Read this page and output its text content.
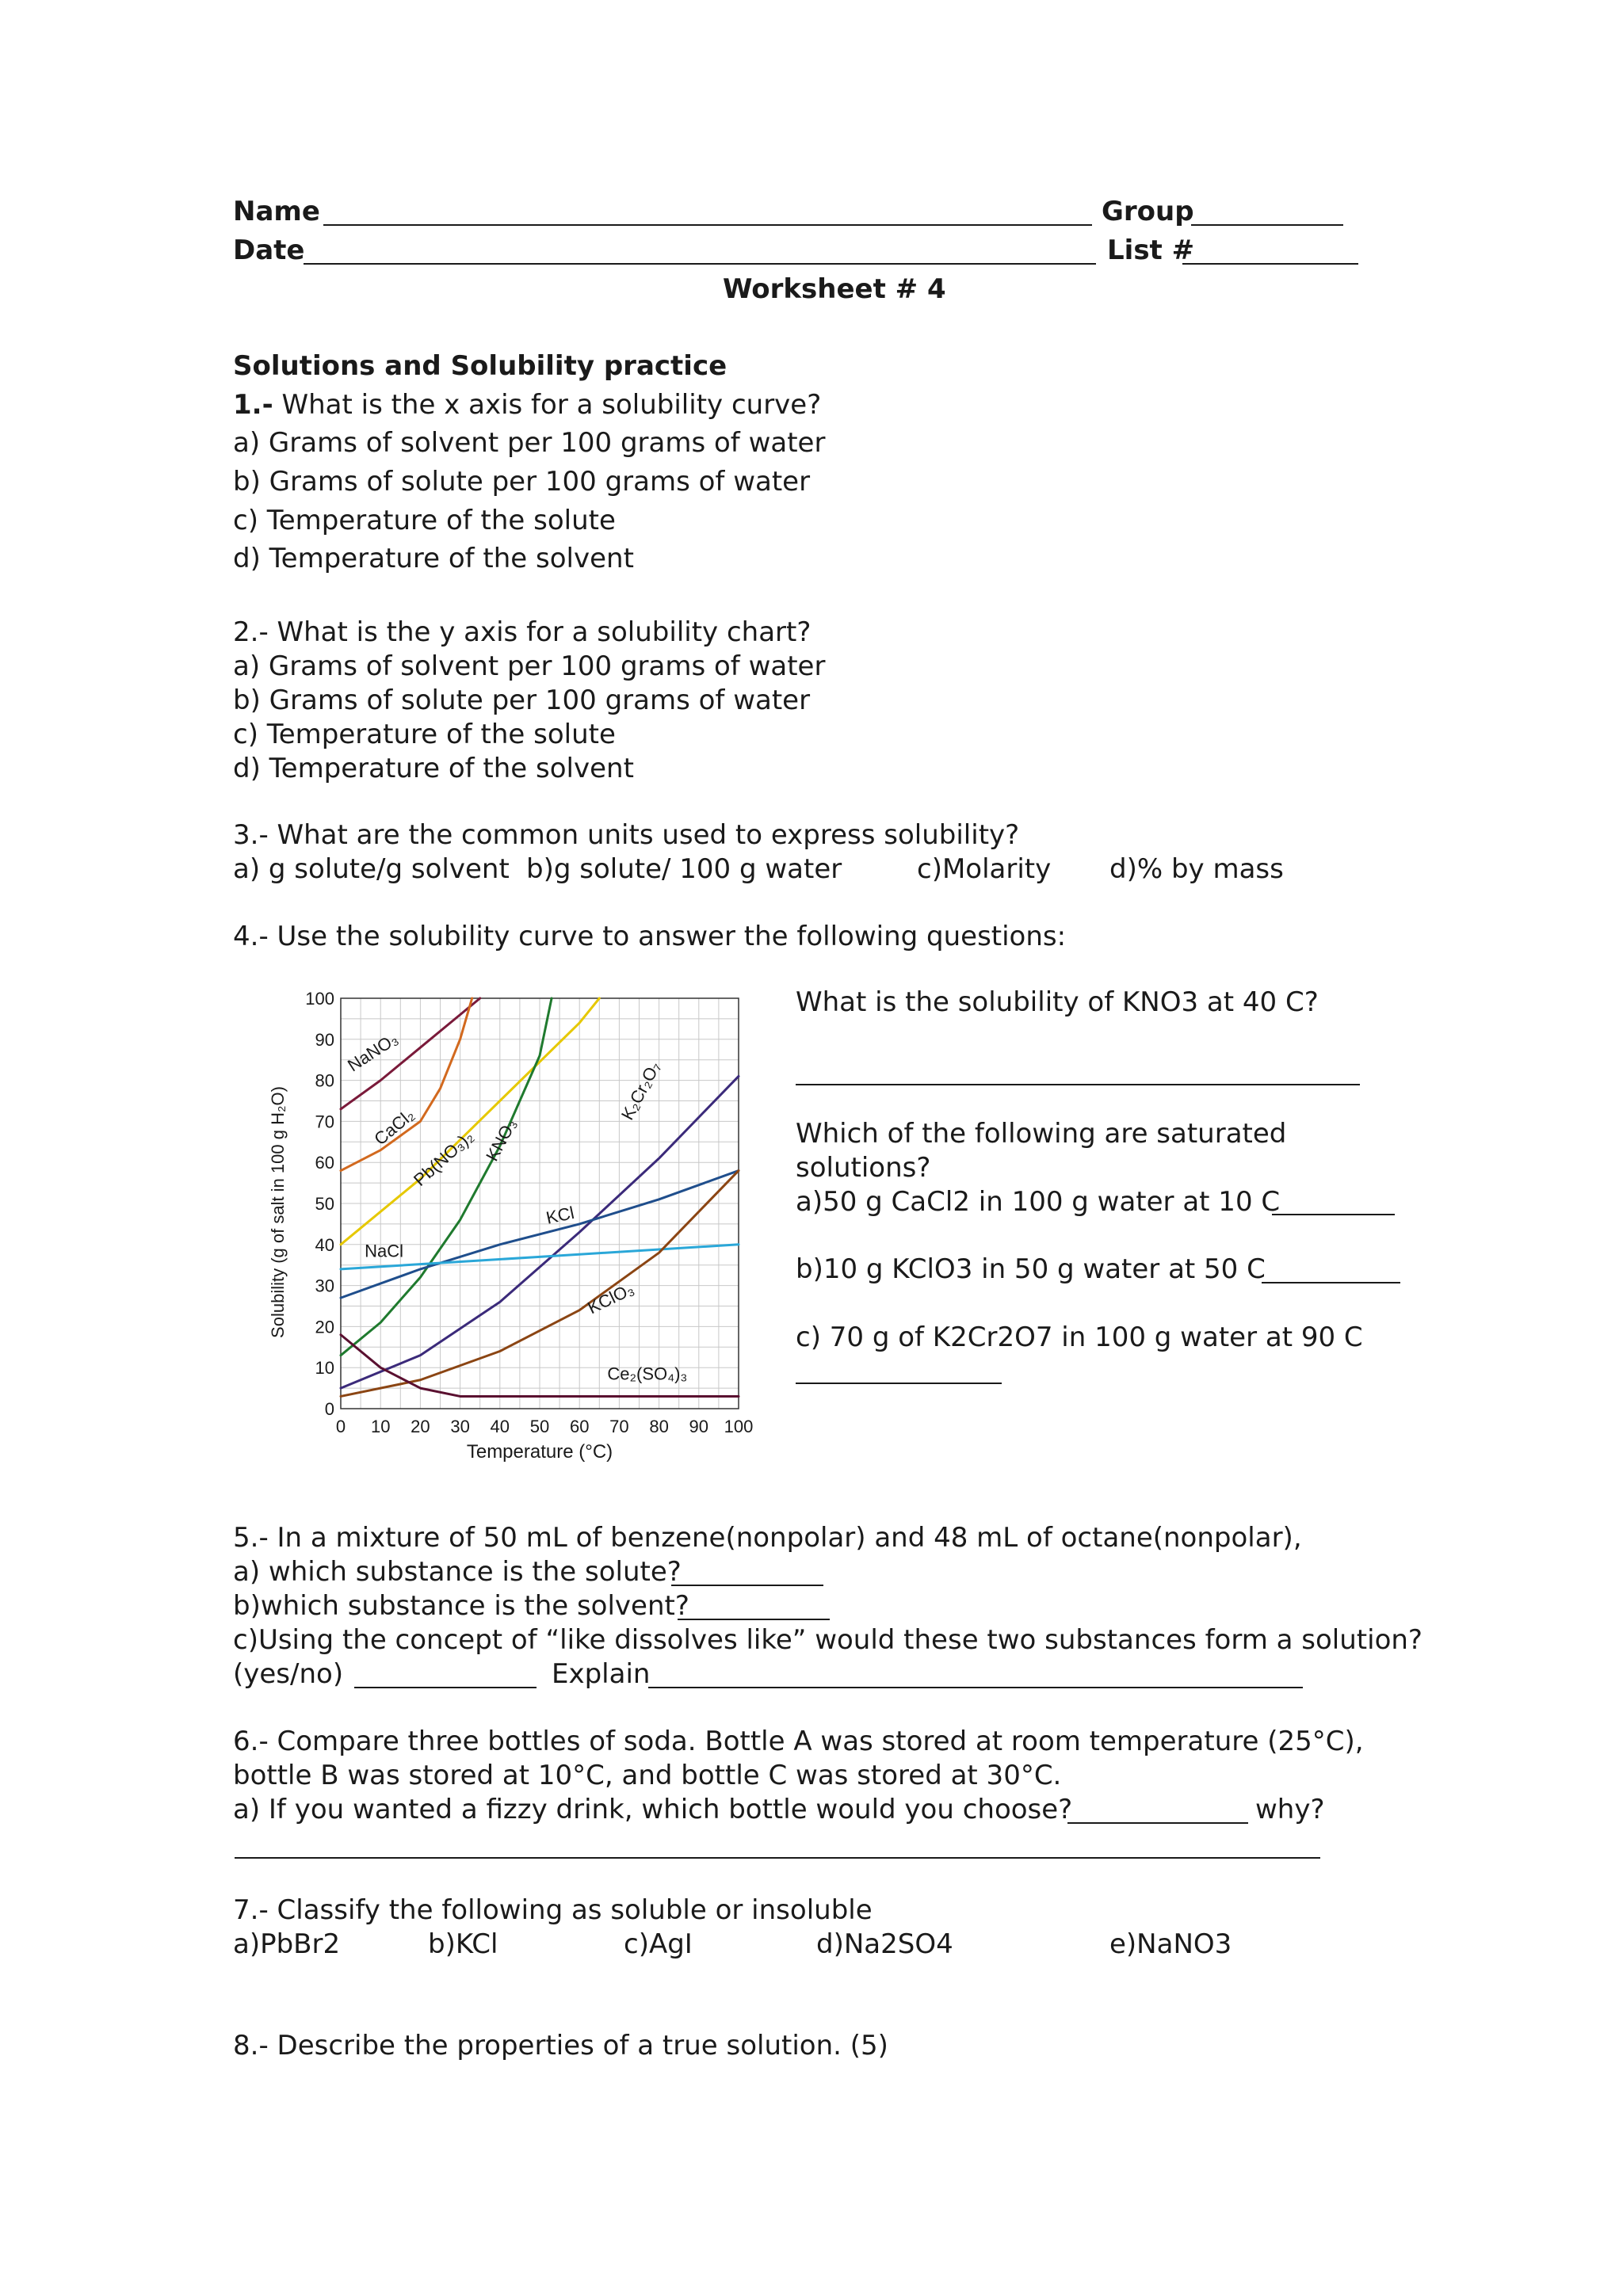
Name	Group
Date	List #
Worksheet # 4
Solutions and Solubility practice
1.- What is the x axis for a solubility curve?
a) Grams of solvent per 100 grams of water
b) Grams of solute per 100 grams of water
c) Temperature of the solute
d) Temperature of the solvent
2.- What is the y axis for a solubility chart?
a) Grams of solvent per 100 grams of water
b) Grams of solute per 100 grams of water
c) Temperature of the solute
d) Temperature of the solvent
3.- What are the common units used to express solubility?
a) g solute/g solvent b)g solute/ 100 g water	c)Molarity d)% by mass
4.- Use the solubility curve to answer the following questions:
0 10 20 30 40 50 60 70 80 90 100
0
10
20
30
40
50
60
70
80
90
100
NaNO₃
CaCl₂
Pb(NO₃)₂ KNO₃
K₂Cr₂O₇
KCl
NaCl
KClO₃
Ce₂(SO₄)₃
Temperature (°C)
Solubility (g of salt in 100 g H₂O)
What is the solubility of KNO3 at 40 C?
Which of the following are saturated
solutions?
a)50 g CaCl2 in 100 g water at 10 C
b)10 g KClO3 in 50 g water at 50 C
c) 70 g of K2Cr2O7 in 100 g water at 90 C
5.- In a mixture of 50 mL of benzene(nonpolar) and 48 mL of octane(nonpolar),
a) which substance is the solute?
b)which substance is the solvent?
c)Using the concept of “like dissolves like” would these two substances form a solution?
(yes/no)	Explain
6.- Compare three bottles of soda. Bottle A was stored at room temperature (25°C),
bottle B was stored at 10°C, and bottle C was stored at 30°C.
a) If you wanted a fizzy drink, which bottle would you choose?	why?
7.- Classify the following as soluble or insoluble
a)PbBr2	b)KCl	c)AgI	d)Na2SO4	e)NaNO3
8.- Describe the properties of a true solution. (5)
